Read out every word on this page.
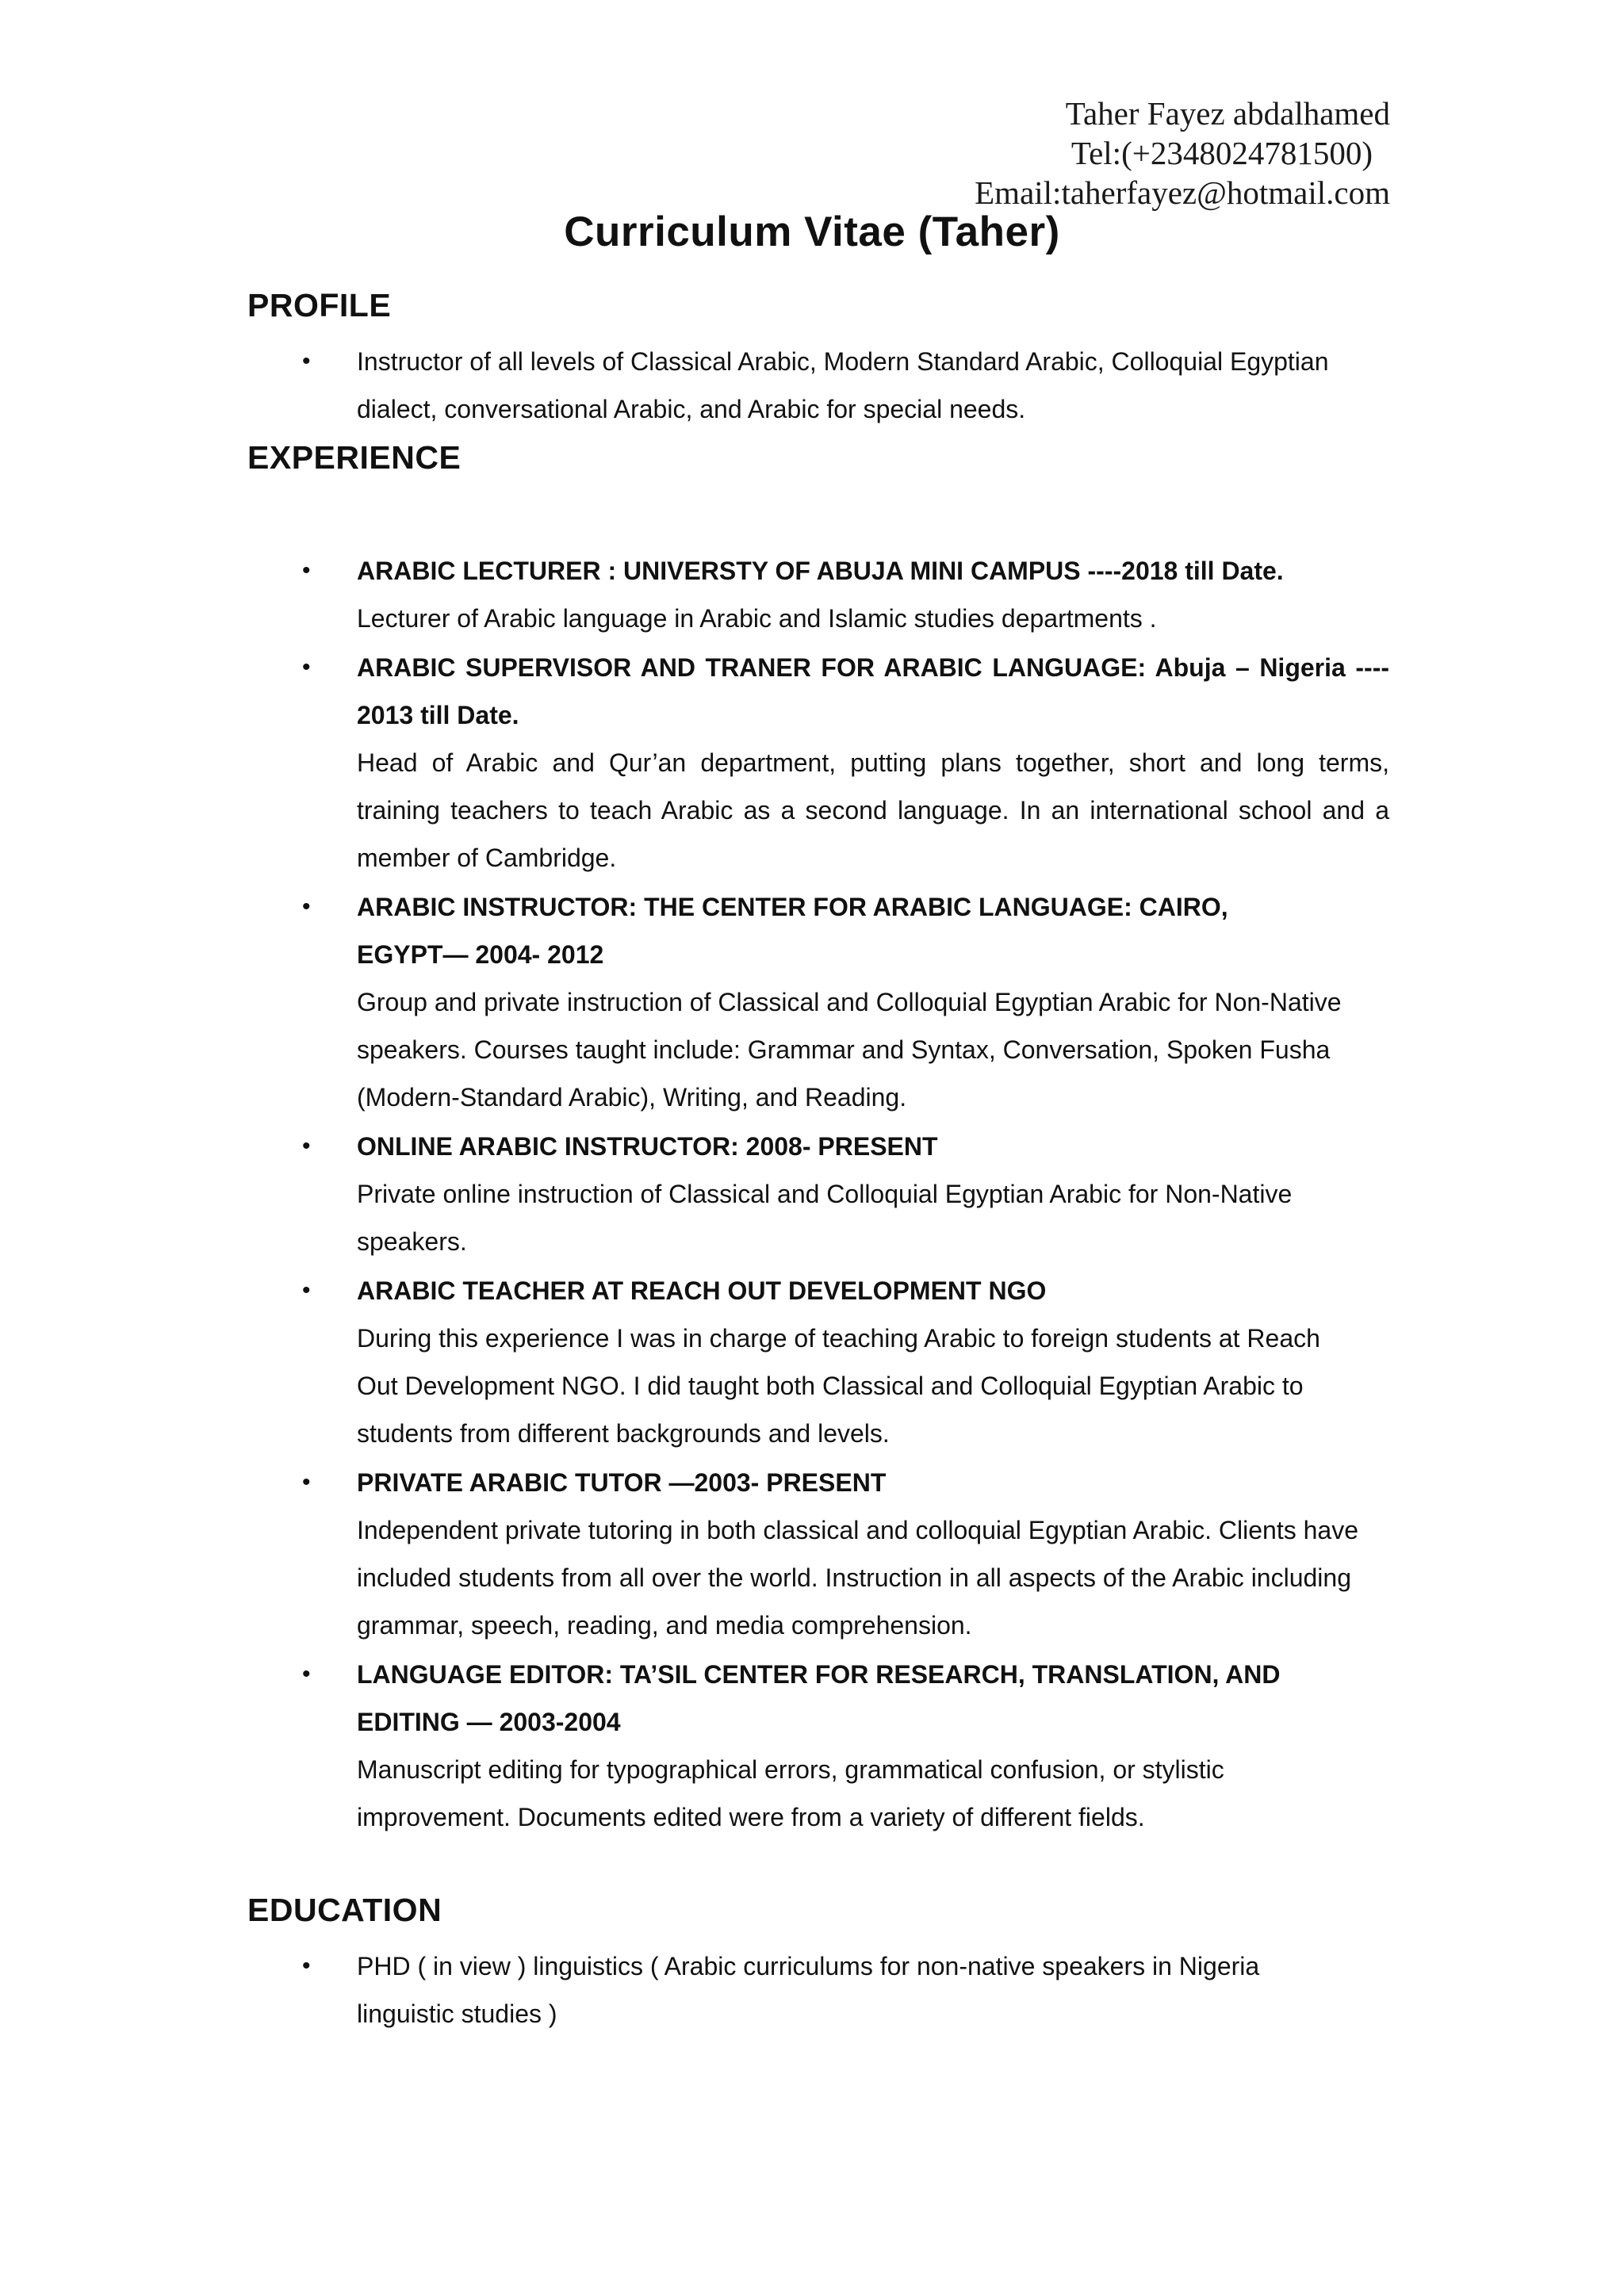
Taher Fayez abdalhamed
Tel:(+2348024781500)
Email:taherfayez@hotmail.com
Curriculum Vitae (Taher)
PROFILE
• Instructor of all levels of Classical Arabic, Modern Standard Arabic, Colloquial Egyptian dialect, conversational Arabic, and Arabic for special needs.
EXPERIENCE
• ARABIC LECTURER : UNIVERSTY OF ABUJA MINI CAMPUS ----2018 till Date.
Lecturer of Arabic language in Arabic and Islamic studies departments .
• ARABIC SUPERVISOR AND TRANER FOR ARABIC LANGUAGE: Abuja – Nigeria ---- 2013 till Date.
Head of Arabic and Qur’an department, putting plans together, short and long terms, training teachers to teach Arabic as a second language. In an international school and a member of Cambridge.
• ARABIC INSTRUCTOR: THE CENTER FOR ARABIC LANGUAGE: CAIRO, EGYPT— 2004- 2012
Group and private instruction of Classical and Colloquial Egyptian Arabic for Non-Native speakers. Courses taught include: Grammar and Syntax, Conversation, Spoken Fusha (Modern-Standard Arabic), Writing, and Reading.
• ONLINE ARABIC INSTRUCTOR: 2008- PRESENT
Private online instruction of Classical and Colloquial Egyptian Arabic for Non-Native speakers.
• ARABIC TEACHER AT REACH OUT DEVELOPMENT NGO
During this experience I was in charge of teaching Arabic to foreign students at Reach Out Development NGO. I did taught both Classical and Colloquial Egyptian Arabic to students from different backgrounds and levels.
• PRIVATE ARABIC TUTOR —2003- PRESENT
Independent private tutoring in both classical and colloquial Egyptian Arabic. Clients have included students from all over the world. Instruction in all aspects of the Arabic including grammar, speech, reading, and media comprehension.
• LANGUAGE EDITOR: TA’SIL CENTER FOR RESEARCH, TRANSLATION, AND EDITING — 2003-2004
Manuscript editing for typographical errors, grammatical confusion, or stylistic improvement. Documents edited were from a variety of different fields.
EDUCATION
• PHD ( in view ) linguistics ( Arabic curriculums for non-native speakers in Nigeria linguistic studies )
